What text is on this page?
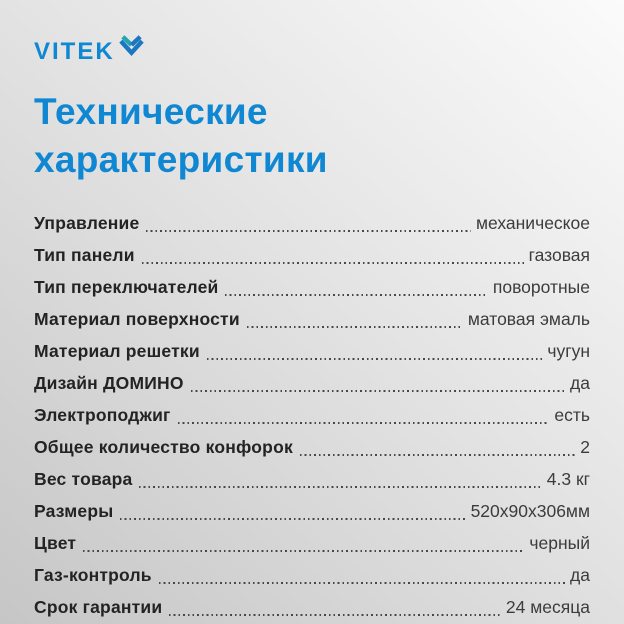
VITEK
Технические
характеристики
Управление	механическое
Тип панели	газовая
Тип переключателей	поворотные
Материал поверхности	матовая эмаль
Материал решетки	чугун
Дизайн ДОМИНО	да
Электроподжиг	есть
Общее количество конфорок	2
Вес товара	4.3 кг
Размеры	520х90х306мм
Цвет	черный
Газ-контроль	да
Срок гарантии	24 месяца
